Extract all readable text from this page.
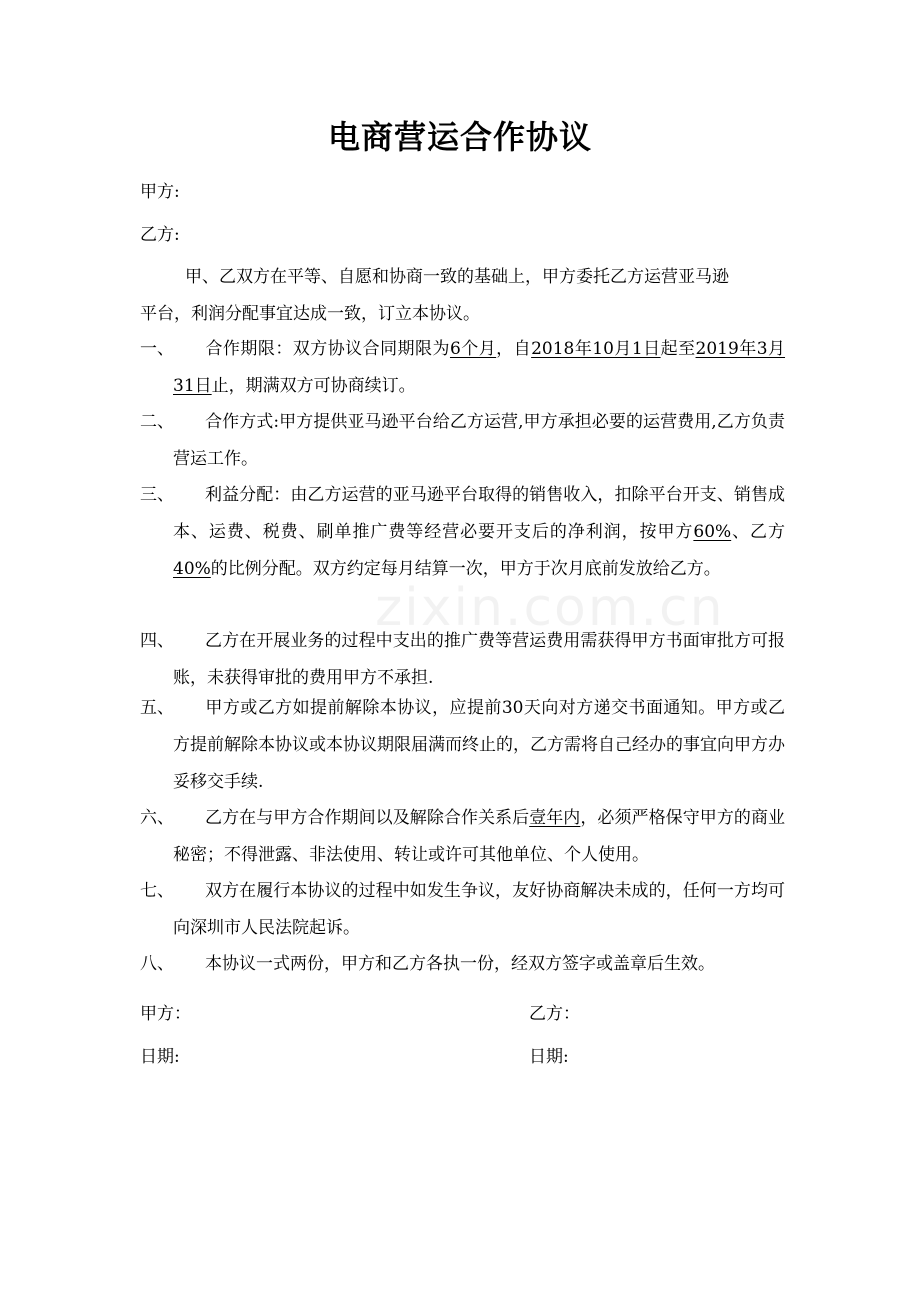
zixin.com.cn
电商营运合作协议
甲方:
乙方:
甲、乙双方在平等、自愿和协商一致的基础上，甲方委托乙方运营亚马逊
平台，利润分配事宜达成一致，订立本协议。
一、	合作期限：双方协议合同期限为6个月，自2018年10月1日起至2019年3月31日止，期满双方可协商续订。
二、	合作方式:甲方提供亚马逊平台给乙方运营,甲方承担必要的运营费用,乙方负责营运工作。
三、	利益分配：由乙方运营的亚马逊平台取得的销售收入，扣除平台开支、销售成本、运费、税费、刷单推广费等经营必要开支后的净利润，按甲方60%、乙方40%的比例分配。双方约定每月结算一次，甲方于次月底前发放给乙方。
四、	乙方在开展业务的过程中支出的推广费等营运费用需获得甲方书面审批方可报账，未获得审批的费用甲方不承担.
五、	甲方或乙方如提前解除本协议，应提前30天向对方递交书面通知。甲方或乙方提前解除本协议或本协议期限届满而终止的，乙方需将自己经办的事宜向甲方办妥移交手续.
六、	乙方在与甲方合作期间以及解除合作关系后壹年内，必须严格保守甲方的商业秘密；不得泄露、非法使用、转让或许可其他单位、个人使用。
七、	双方在履行本协议的过程中如发生争议，友好协商解决未成的，任何一方均可向深圳市人民法院起诉。
八、	本协议一式两份，甲方和乙方各执一份，经双方签字或盖章后生效。
甲方：	乙方：
日期:	日期:
